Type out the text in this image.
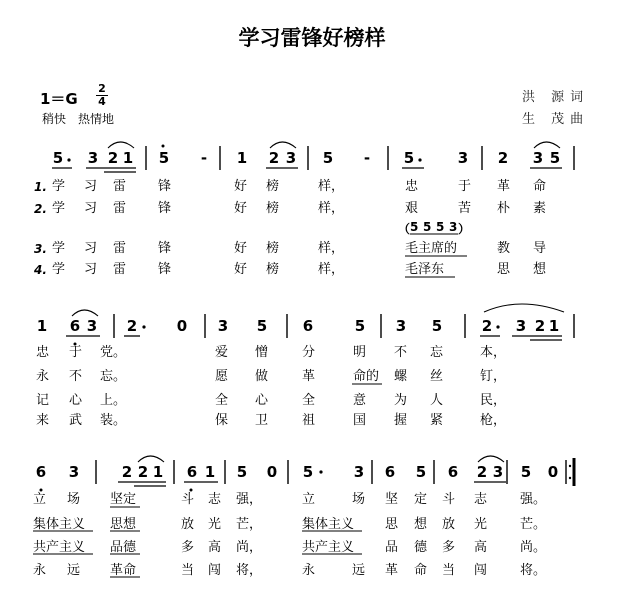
学习雷锋好榜样
1＝G
2
4
稍快　热情地
洪 源词
生 茂曲
5 3 2 1 5 - 1 2 3 5 - 5	3 2 3 5
1. 学 习 雷 锋	好 榜	样，	忠	于 革 命
2. 学 习 雷 锋	好 榜	样，	艰	苦 朴 素
（ 5 5 5 3 ）
3. 学 习 雷 锋	好 榜	样，	毛主席的	教 导
4. 学 习 雷 锋	好 榜	样，	毛泽东	思 想
1 6 3 2	0 3 5 6	5 3 5	2 3 2 1
忠 于 党。	爱 憎	分	明 不 忘	本，
永 不 忘。	愿 做	革	命的 螺 丝	钉，
记 心 上。	全 心	全	意 为 人	民，
来 武 装。	保 卫	祖	国 握 紧	枪，
6 3	2 2 1 6 1 5 0 5	3 6 5 6 2 3 5 0
立 场 坚定	斗 志 强，	立	场 坚 定 斗 志	强。
集体主义 思想	放 光 芒，	集体主义 思 想 放 光	芒。
共产主义 品德	多 高 尚，	共产主义 品 德 多 高	尚。
永 远 革命	当 闯 将，	永	远 革 命 当 闯	将。
